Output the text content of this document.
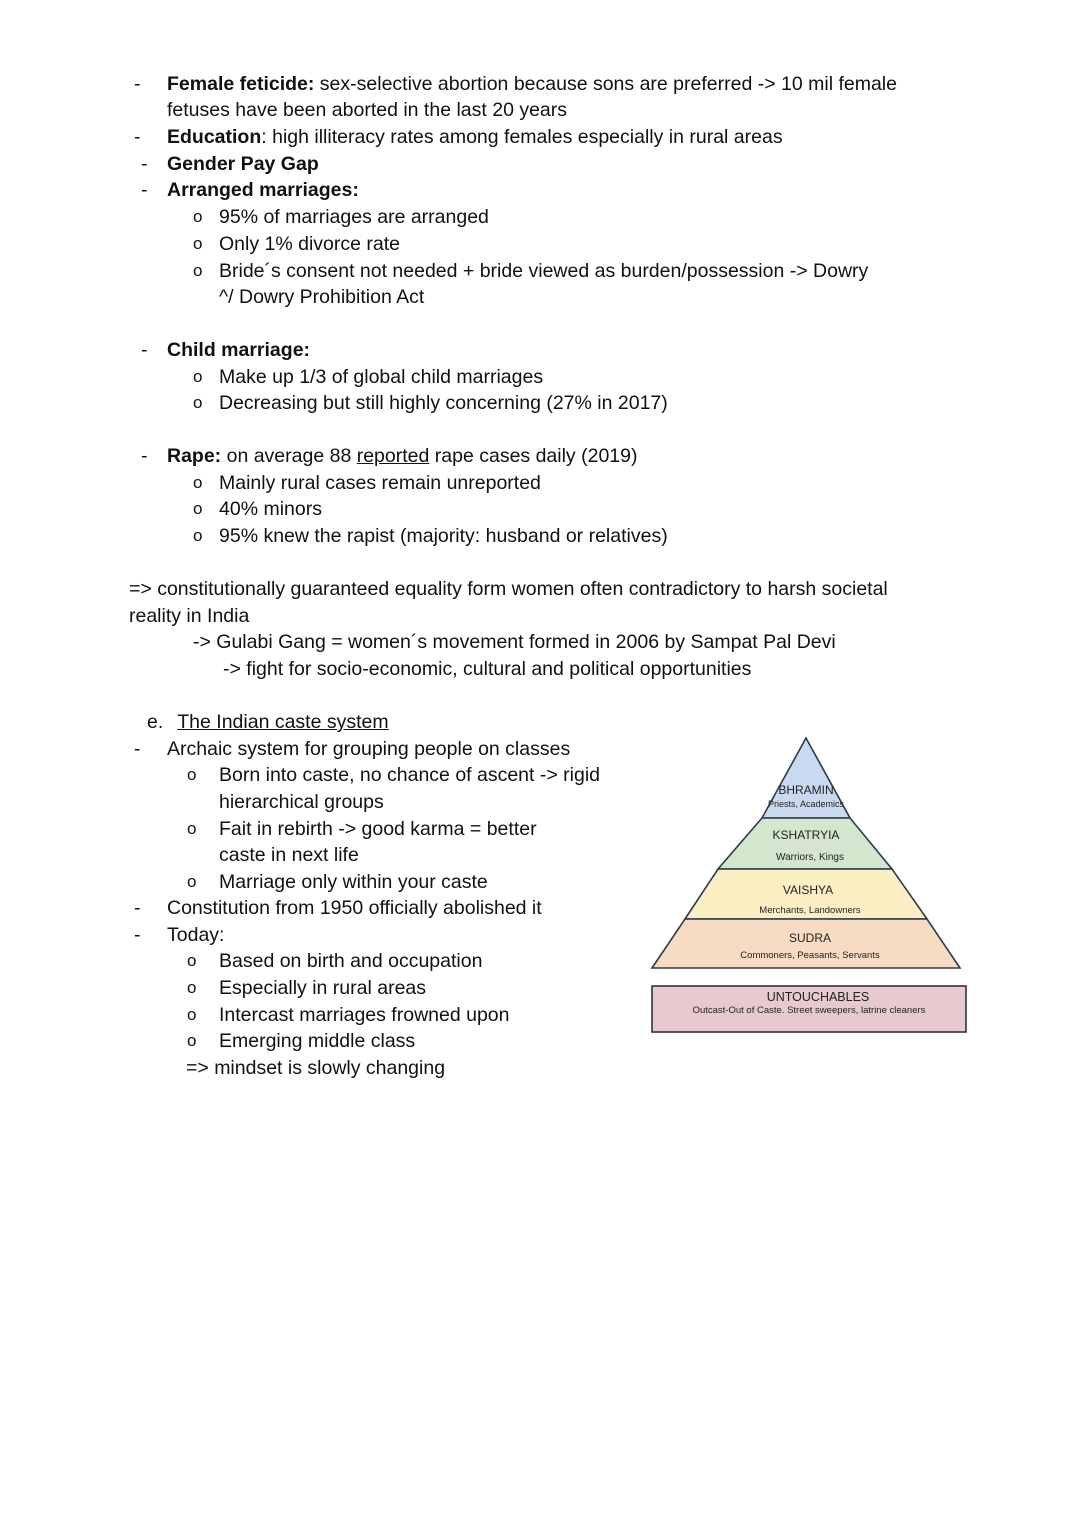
- Female feticide: sex-selective abortion because sons are preferred -> 10 mil female
fetuses have been aborted in the last 20 years
- Education: high illiteracy rates among females especially in rural areas
- Gender Pay Gap
- Arranged marriages:
o 95% of marriages are arranged
o Only 1% divorce rate
o Bride´s consent not needed + bride viewed as burden/possession -> Dowry
^/ Dowry Prohibition Act
- Child marriage:
o Make up 1/3 of global child marriages
o Decreasing but still highly concerning (27% in 2017)
- Rape: on average 88 reported rape cases daily (2019)
o Mainly rural cases remain unreported
o 40% minors
o 95% knew the rapist (majority: husband or relatives)
=> constitutionally guaranteed equality form women often contradictory to harsh societal
reality in India
-> Gulabi Gang = women´s movement formed in 2006 by Sampat Pal Devi
-> fight for socio-economic, cultural and political opportunities
e. The Indian caste system
- Archaic system for grouping people on classes
o Born into caste, no chance of ascent -> rigid
hierarchical groups
o Fait in rebirth -> good karma = better
caste in next life
o Marriage only within your caste
- Constitution from 1950 officially abolished it
- Today:
o Based on birth and occupation
o Especially in rural areas
o Intercast marriages frowned upon
o Emerging middle class
=> mindset is slowly changing
BHRAMIN
Priests, Academics
KSHATRYIA
Warriors, Kings
VAISHYA
Merchants, Landowners
SUDRA
Commoners, Peasants, Servants
UNTOUCHABLES
Outcast-Out of Caste. Street sweepers, latrine cleaners
